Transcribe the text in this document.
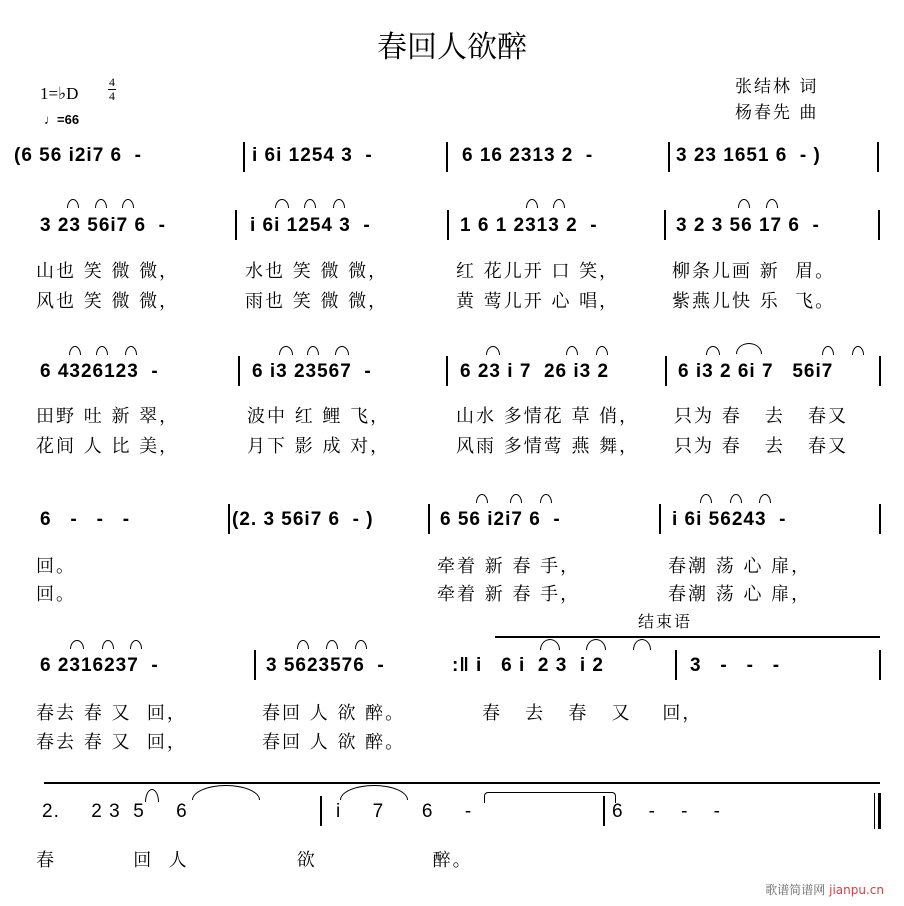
春回人欲醉
张结林 词
杨春先 曲
1=♭D
4
4
♩=66
(6 56 i2i7 6  -	i 6i 1254 3  -	6 16 2313 2  -	3 23 1651 6  - )
3 23 56i7 6  -	i 6i 1254 3  -	1 6 1 2313 2  -	3 2 3 56 17 6  -
山也 笑 微 微，	水也 笑 微 微，	红 花儿开 口 笑，	柳条儿画 新  眉。
风也 笑 微 微，	雨也 笑 微 微，	黄 莺儿开 心 唱，	紫燕儿快 乐  飞。
6 4326123  -	6 i3 23567  -	6 23 i 7  26 i3 2	6 i3 2 6i 7   56i7
田野 吐 新 翠，	波中 红 鲤 飞，	山水 多情花 草 俏， 只为 春   去   春又
花间 人 比 美，	月下 影 成 对，	风雨 多情莺 燕 舞， 只为 春   去   春又
6   -   -   -	(2. 3 56i7 6  - )	6 56 i2i7 6  -	i 6i 56243  -
回。	牵着 新 春 手，	春潮 荡 心 扉，
回。	牵着 新 春 手，	春潮 荡 心 扉，
结束语
6 2316237  -	3 5623576  -	:‖ i   6 i  2 3  i 2	3   -   -   -
春去 春 又  回，	春回 人 欲 醉。	春   去   春   又    回，
春去 春 又  回，	春回 人 欲 醉。
2.     2 3  5     6	i     7      6     -	6    -    -    -
春          回  人              欲               醉。
歌谱简谱网 jianpu.cn
